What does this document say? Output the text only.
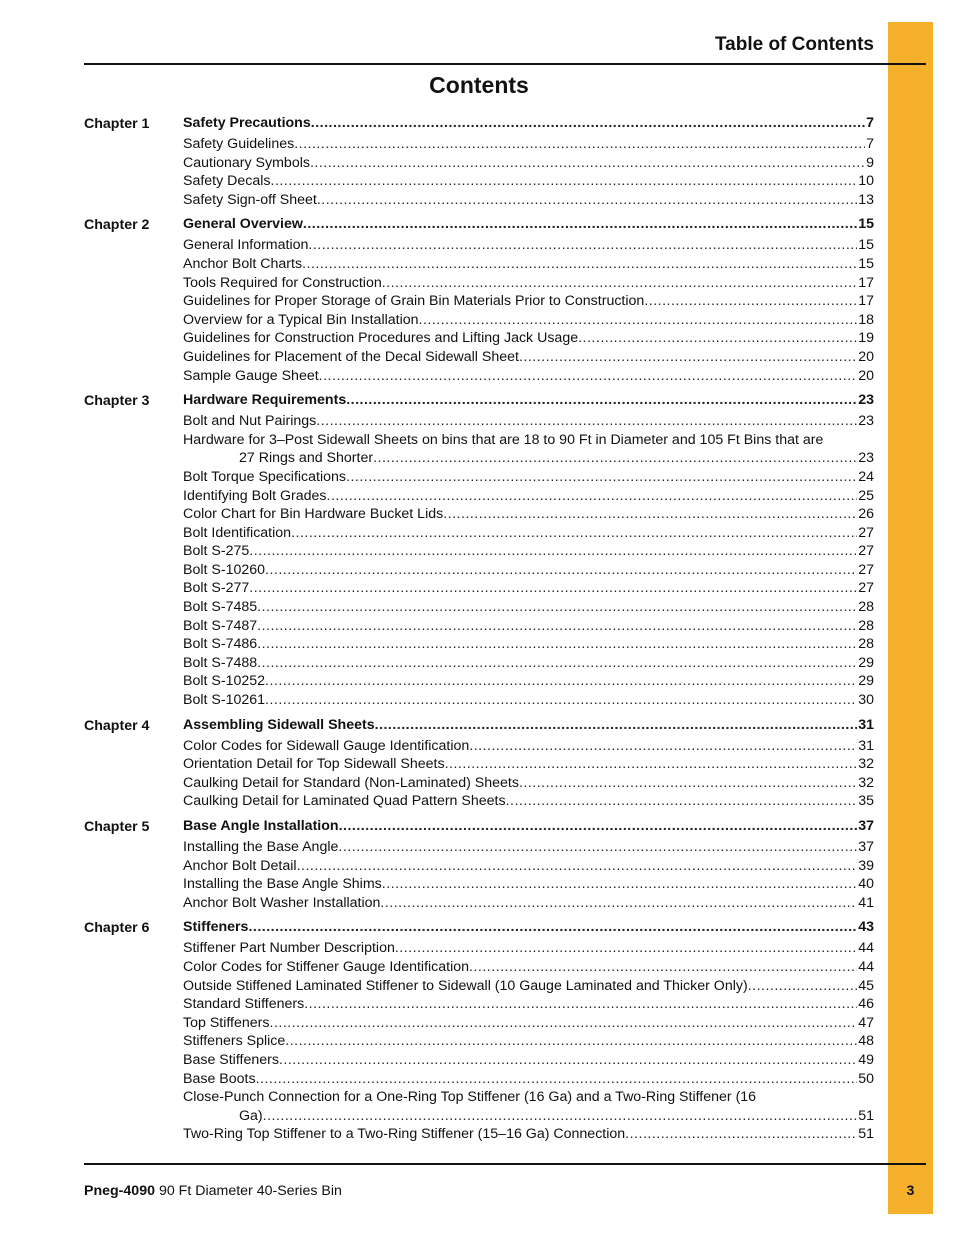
Table of Contents
Contents
Chapter 1	Safety Precautions .....	7
Safety Guidelines .....	7
Cautionary Symbols .....	9
Safety Decals .....	10
Safety Sign-off Sheet .....	13
Chapter 2	General Overview .....	15
General Information .....	15
Anchor Bolt Charts .....	15
Tools Required for Construction .....	17
Guidelines for Proper Storage of Grain Bin Materials Prior to Construction .....	17
Overview for a Typical Bin Installation .....	18
Guidelines for Construction Procedures and Lifting Jack Usage .....	19
Guidelines for Placement of the Decal Sidewall Sheet .....	20
Sample Gauge Sheet .....	20
Chapter 3	Hardware Requirements .....	23
Bolt and Nut Pairings .....	23
Hardware for 3–Post Sidewall Sheets on bins that are 18 to 90 Ft in Diameter and 105 Ft Bins that are
27 Rings and Shorter .....	23
Bolt Torque Specifications .....	24
Identifying Bolt Grades .....	25
Color Chart for Bin Hardware Bucket Lids .....	26
Bolt Identification .....	27
Bolt S-275 .....	27
Bolt S-10260 .....	27
Bolt S-277 .....	27
Bolt S-7485 .....	28
Bolt S-7487 .....	28
Bolt S-7486 .....	28
Bolt S-7488 .....	29
Bolt S-10252 .....	29
Bolt S-10261 .....	30
Chapter 4	Assembling Sidewall Sheets .....	31
Color Codes for Sidewall Gauge Identification .....	31
Orientation Detail for Top Sidewall Sheets .....	32
Caulking Detail for Standard (Non-Laminated) Sheets .....	32
Caulking Detail for Laminated Quad Pattern Sheets .....	35
Chapter 5	Base Angle Installation .....	37
Installing the Base Angle .....	37
Anchor Bolt Detail .....	39
Installing the Base Angle Shims .....	40
Anchor Bolt Washer Installation .....	41
Chapter 6	Stiffeners .....	43
Stiffener Part Number Description .....	44
Color Codes for Stiffener Gauge Identification .....	44
Outside Stiffened Laminated Stiffener to Sidewall (10 Gauge Laminated and Thicker Only) .....	45
Standard Stiffeners .....	46
Top Stiffeners .....	47
Stiffeners Splice .....	48
Base Stiffeners .....	49
Base Boots .....	50
Close-Punch Connection for a One-Ring Top Stiffener (16 Ga) and a Two-Ring Stiffener (16
Ga) .....	51
Two-Ring Top Stiffener to a Two-Ring Stiffener (15–16 Ga) Connection .....	51
Pneg-4090 90 Ft Diameter 40-Series Bin	3
